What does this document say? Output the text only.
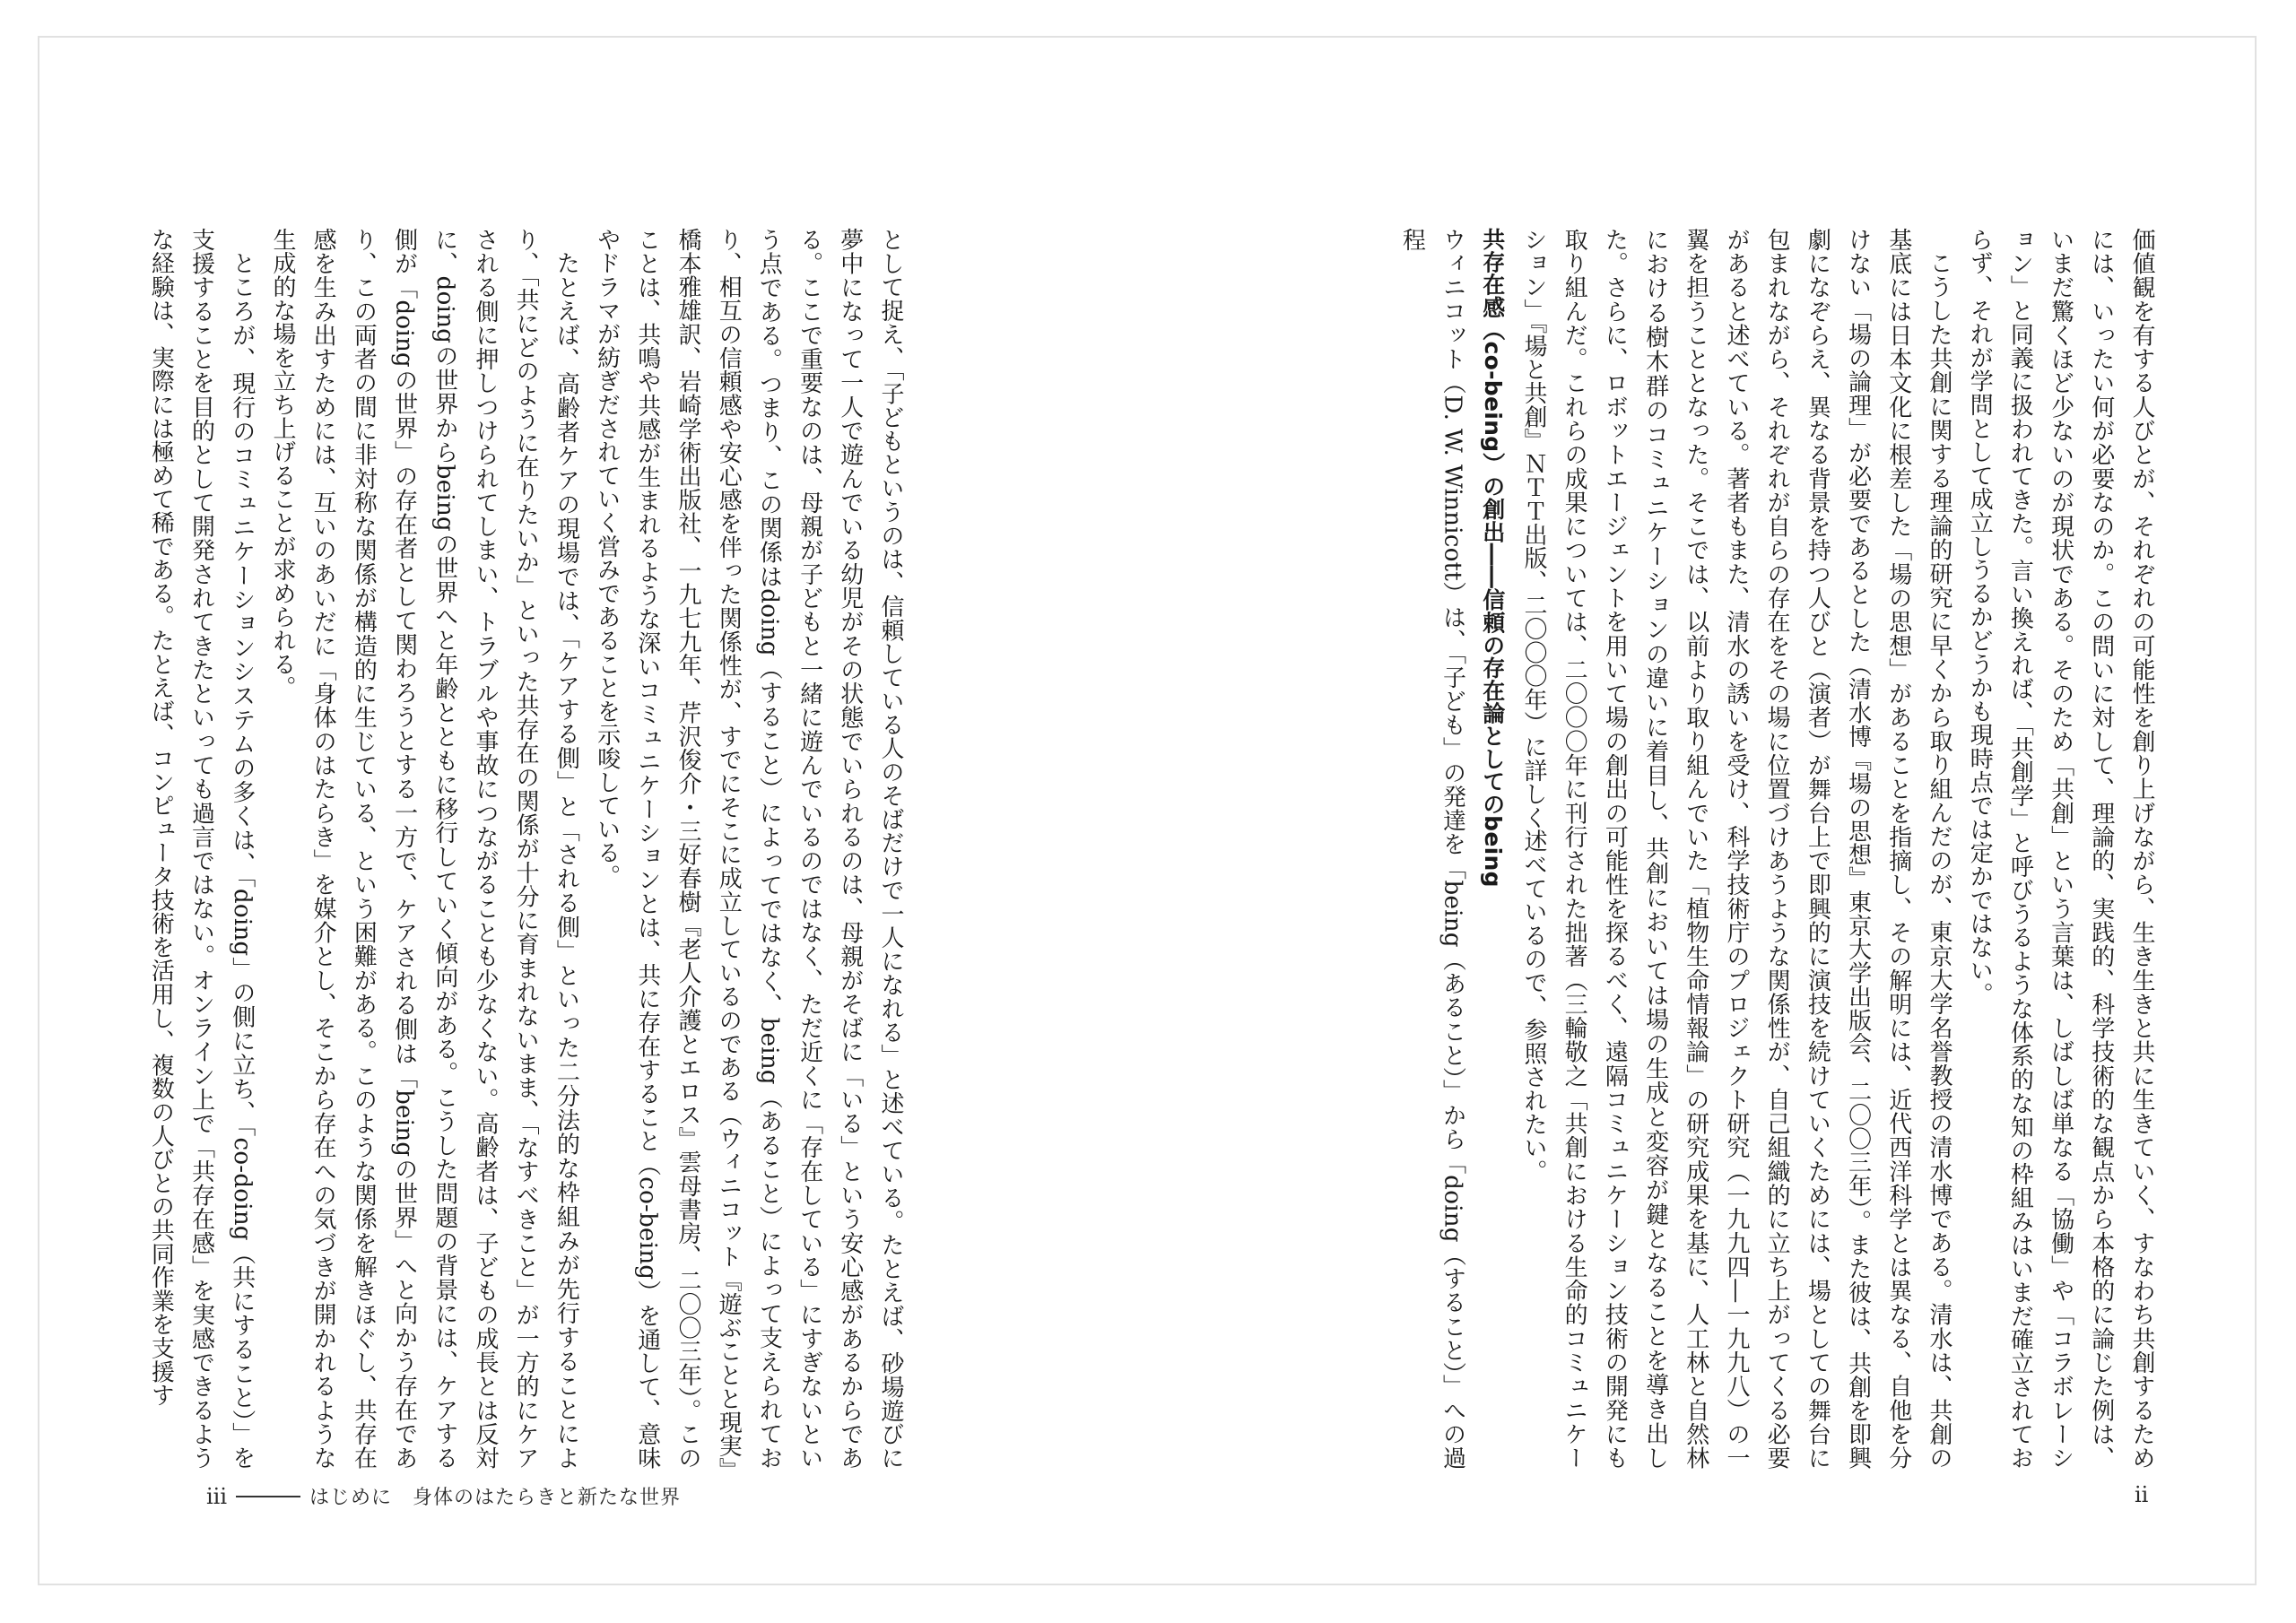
価値観を有する人びとが、それぞれの可能性を創り上げながら、生き生きと共に生きていく、すなわち共創するためには、いったい何が必要なのか。この問いに対して、理論的、実践的、科学技術的な観点から本格的に論じた例は、いまだ驚くほど少ないのが現状である。そのため「共創」という言葉は、しばしば単なる「協働」や「コラボレーション」と同義に扱われてきた。言い換えれば、「共創学」と呼びうるような体系的な知の枠組みはいまだ確立されておらず、それが学問として成立しうるかどうかも現時点では定かではない。

こうした共創に関する理論的研究に早くから取り組んだのが、東京大学名誉教授の清水博である。清水は、共創の基底には日本文化に根差した「場の思想」があることを指摘し、その解明には、近代西洋科学とは異なる、自他を分けない「場の論理」が必要であるとした（清水博『場の思想』東京大学出版会、二〇〇三年）。また彼は、共創を即興劇になぞらえ、異なる背景を持つ人びと（演者）が舞台上で即興的に演技を続けていくためには、場としての舞台に包まれながら、それぞれが自らの存在をその場に位置づけあうような関係性が、自己組織的に立ち上がってくる必要があると述べている。著者もまた、清水の誘いを受け、科学技術庁のプロジェクト研究（一九九四―一九九八）の一翼を担うこととなった。そこでは、以前より取り組んでいた「植物生命情報論」の研究成果を基に、人工林と自然林における樹木群のコミュニケーションの違いに着目し、共創においては場の生成と変容が鍵となることを導き出した。さらに、ロボットエージェントを用いて場の創出の可能性を探るべく、遠隔コミュニケーション技術の開発にも取り組んだ。これらの成果については、二〇〇〇年に刊行された拙著（三輪敬之「共創における生命的コミュニケーション」『場と共創』ＮＴＴ出版、二〇〇〇年）に詳しく述べているので、参照されたい。

共存在感（co-being）の創出――信頼の存在論としてのbeing

ウィニコット（D. W. Winnicott）は、「子ども」の発達を「being（あること）」から「doing（すること）」への過程

ii

として捉え、「子どもというのは、信頼している人のそばだけで一人になれる」と述べている。たとえば、砂場遊びに夢中になって一人で遊んでいる幼児がその状態でいられるのは、母親がそばに「いる」という安心感があるからである。ここで重要なのは、母親が子どもと一緒に遊んでいるのではなく、ただ近くに「存在している」にすぎないという点である。つまり、この関係はdoing（すること）によってではなく、being（あること）によって支えられており、相互の信頼感や安心感を伴った関係性が、すでにそこに成立しているのである（ウィニコット『遊ぶことと現実』橋本雅雄訳、岩崎学術出版社、一九七九年、芹沢俊介・三好春樹『老人介護とエロス』雲母書房、二〇〇三年）。このことは、共鳴や共感が生まれるような深いコミュニケーションとは、共に存在すること（co-being）を通して、意味やドラマが紡ぎだされていく営みであることを示唆している。

たとえば、高齢者ケアの現場では、「ケアする側」と「される側」といった二分法的な枠組みが先行することにより、「共にどのように在りたいか」といった共存在の関係が十分に育まれないまま、「なすべきこと」が一方的にケアされる側に押しつけられてしまい、トラブルや事故につながることも少なくない。高齢者は、子どもの成長とは反対に、doingの世界からbeingの世界へと年齢とともに移行していく傾向がある。こうした問題の背景には、ケアする側が「doingの世界」の存在者として関わろうとする一方で、ケアされる側は「beingの世界」へと向かう存在であり、この両者の間に非対称な関係が構造的に生じている、という困難がある。このような関係を解きほぐし、共存在感を生み出すためには、互いのあいだに「身体のはたらき」を媒介とし、そこから存在への気づきが開かれるような生成的な場を立ち上げることが求められる。

ところが、現行のコミュニケーションシステムの多くは、「doing」の側に立ち、「co-doing（共にすること）」を支援することを目的として開発されてきたといっても過言ではない。オンライン上で「共存在感」を実感できるような経験は、実際には極めて稀である。たとえば、コンピュータ技術を活用し、複数の人びとの共同作業を支援す

iii	はじめに　身体のはたらきと新たな世界
